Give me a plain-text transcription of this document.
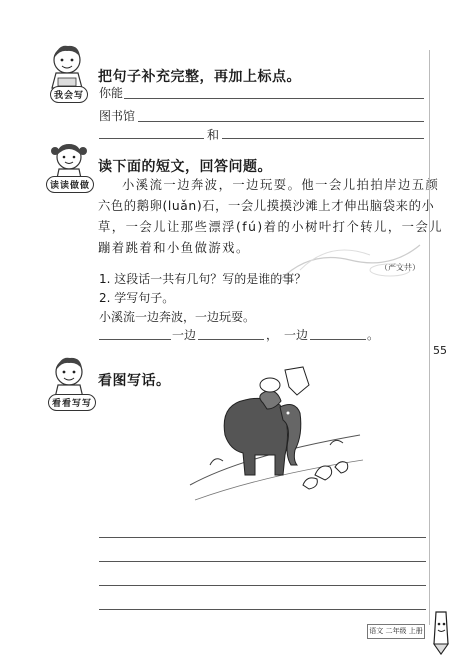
我会写
把句子补充完整，再加上标点。
你能
图书馆
和
读读做做
读下面的短文，回答问题。
小溪流一边奔波，一边玩耍。他一会儿拍拍岸边五颜
六色的鹅卵(luǎn)石，一会儿摸摸沙滩上才伸出脑袋来的小
草，一会儿让那些漂浮(fú)着的小树叶打个转儿，一会儿
蹦着跳着和小鱼做游戏。
（严文井）
1. 这段话一共有几句？写的是谁的事？
2. 学写句子。
小溪流一边奔波，一边玩耍。
一边	， 一边	。
55
看看写写
看图写话。
语文 二年级 上册
